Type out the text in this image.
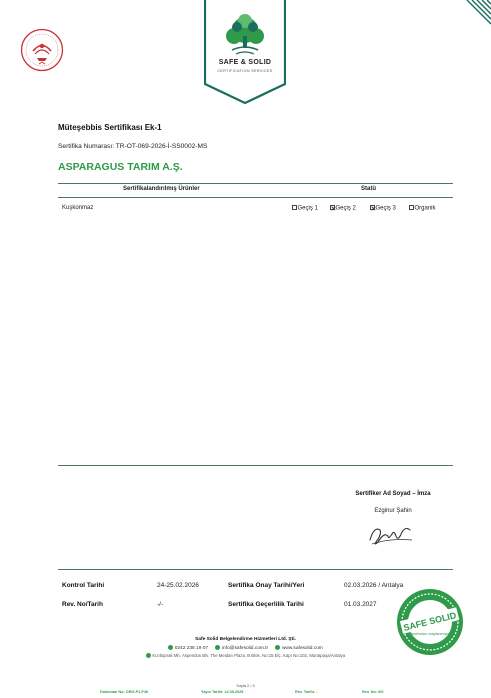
SAFE & SOLID
CERTIFICATION SERVICES
Müteşebbis Sertifikası Ek-1
Sertifika Numarası: TR-OT-069-2026-İ-SS0002-MS
ASPARAGUS TARIM A.Ş.
Sertifikalandırılmış Ürünler	Statü
Kuşkonmaz	Geçiş 1	Geçiş 2	Geçiş 3	Organik
Sertifiker Ad Soyad – İmza
Ezginur Şahin
Kontrol Tarihi	24-25.02.2026	Sertifika Onay Tarihi/Yeri	02.03.2026 / Antalya
Rev. No/Tarih	-/-	Sertifika Geçerlilik Tarihi	01.03.2027
SAFE SOLID
tarafından onaylanmıştır
Safe Solid Belgelendirme Hizmetleri Ltd. Şti.
0242 238 19 07	info@safesolid.com.tr	www.safesolid.com
Kızıltoprak Mh. Aspendos Blv. The Meidan Plaza, B Blok, No:15 Elç. Kapı No:102, Muratpaşa/Antalya
Sayfa 2 / 3
Doküman No: ORG-P1-F46	Yayın Tarihi: 14.05.2025	Rev. Tarihi: -	Rev. No: 0/0
